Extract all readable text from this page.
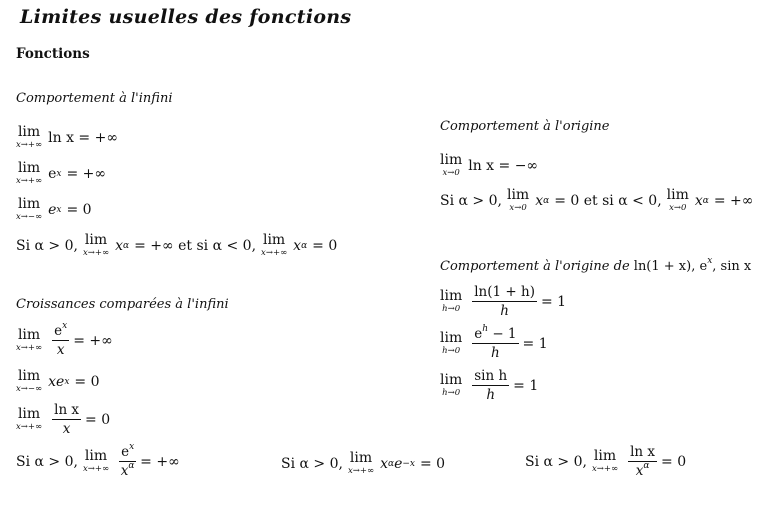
Limites usuelles des fonctions
Fonctions
Comportement à l'infini
lim
x→+∞ ln x = +∞
lim
x→+∞ e x = +∞
lim
x→−∞ e x = 0
Si α > 0, lim
x→+∞ x α = +∞ et si α < 0, lim
x→+∞ x α = 0
Comportement à l'origine
lim
x→0 ln x = −∞
Si α > 0, lim
x→0 x α = 0 et si α < 0, lim
x→0 x α = +∞
Comportement à l'origine de ln(1 + x), $e^x$, sin x
lim
$h\to 0 \frac{\ln(1 + h)}{h} = 1$
lim
$h\to 0 \frac{e^h - 1}{h} = 1$
lim
$h\to 0 \frac{\text{sin h}}{h} = 1$
Croissances comparées à l'infini
lim
$x\to+\infty \frac{e^x}{x}$ = +∞
lim
x→−∞ xe x = 0
lim
$x\to+\infty \frac{\text{ln x}}{x} = 0$
Si α > 0, lim
$x\to+\infty \frac{e^x}{x^\alpha}$ = +∞	Si α > 0, lim
x→+∞ x α e −x = 0	Si α > 0, lim
$x\to+\infty \frac{\text{ln x}}{x^\alpha} = 0$
